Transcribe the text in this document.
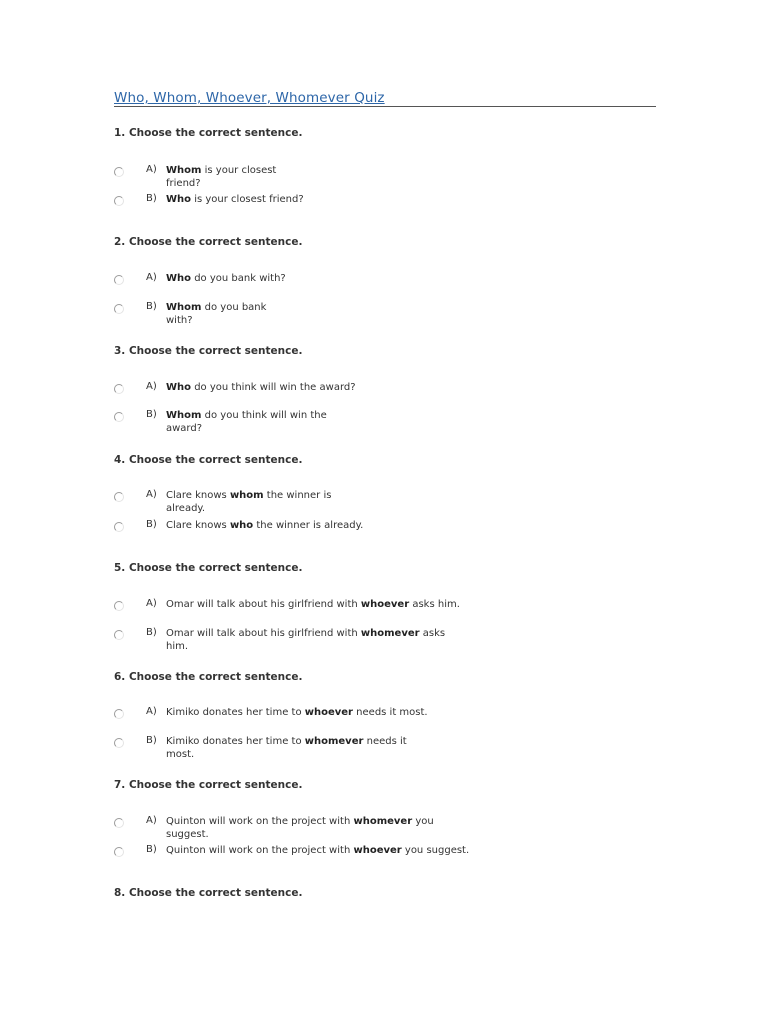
Who, Whom, Whoever, Whomever Quiz
1. Choose the correct sentence.
A) Whom is your closest
friend?
B) Who is your closest friend?
2. Choose the correct sentence.
A) Who do you bank with?
B) Whom do you bank
with?
3. Choose the correct sentence.
A) Who do you think will win the award?
B) Whom do you think will win the
award?
4. Choose the correct sentence.
A) Clare knows whom the winner is
already.
B) Clare knows who the winner is already.
5. Choose the correct sentence.
A) Omar will talk about his girlfriend with whoever asks him.
B) Omar will talk about his girlfriend with whomever asks
him.
6. Choose the correct sentence.
A) Kimiko donates her time to whoever needs it most.
B) Kimiko donates her time to whomever needs it
most.
7. Choose the correct sentence.
A) Quinton will work on the project with whomever you
suggest.
B) Quinton will work on the project with whoever you suggest.
8. Choose the correct sentence.
